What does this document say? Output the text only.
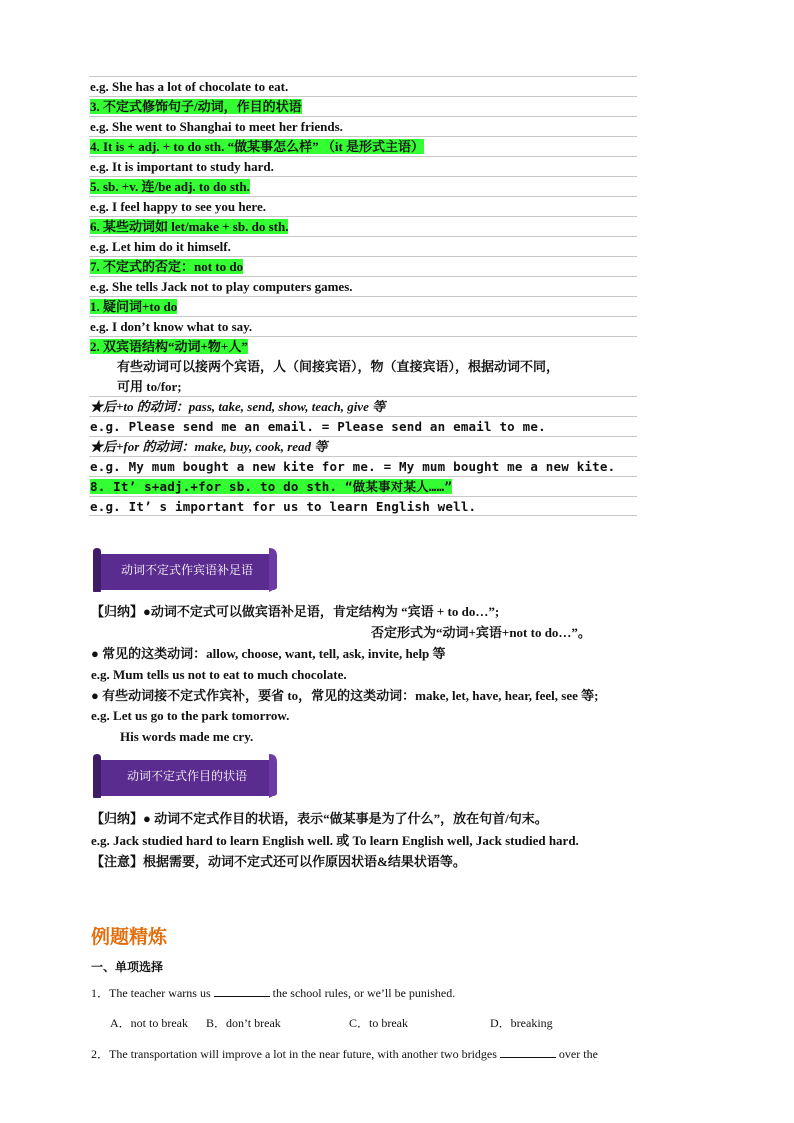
e.g. She has a lot of chocolate to eat.
3. 不定式修饰句子/动词，作目的状语
e.g. She went to Shanghai to meet her friends.
4. It is + adj. + to do sth. “做某事怎么样” （it 是形式主语）
e.g. It is important to study hard.
5. sb. +v. 连/be adj. to do sth.
e.g. I feel happy to see you here.
6. 某些动词如 let/make + sb. do sth.
e.g. Let him do it himself.
7. 不定式的否定：not to do
e.g. She tells Jack not to play computers games.
1. 疑问词+to do
e.g. I don’t know what to say.
2. 双宾语结构“动词+物+人”
有些动词可以接两个宾语，人（间接宾语），物（直接宾语），根据动词不同，
可用 to/for;
★后+to 的动词：pass, take, send, show, teach, give 等
e.g. Please send me an email. = Please send an email to me.
★后+for 的动词：make, buy, cook, read 等
e.g. My mum bought a new kite for me. = My mum bought me a new kite.
8. It’ s+adj.+for sb. to do sth. “做某事对某人……”
e.g. It’ s important for us to learn English well.
动词不定式作宾语补足语
【归纳】●动词不定式可以做宾语补足语，肯定结构为 “宾语 + to do…”;
否定形式为“动词+宾语+not to do…”。
● 常见的这类动词：allow, choose, want, tell, ask, invite, help 等
e.g. Mum tells us not to eat to much chocolate.
● 有些动词接不定式作宾补，要省 to，常见的这类动词：make, let, have, hear, feel, see 等;
e.g. Let us go to the park tomorrow.
His words made me cry.
动词不定式作目的状语
【归纳】● 动词不定式作目的状语，表示“做某事是为了什么”，放在句首/句末。
e.g. Jack studied hard to learn English well. 或 To learn English well, Jack studied hard.
【注意】根据需要，动词不定式还可以作原因状语&结果状语等。
例题精炼
一、单项选择
1．The teacher warns us	the school rules, or we’ll be punished.
A．not to break B．don’t break	C．to break	D．breaking
2．The transportation will improve a lot in the near future, with another two bridges	over the
